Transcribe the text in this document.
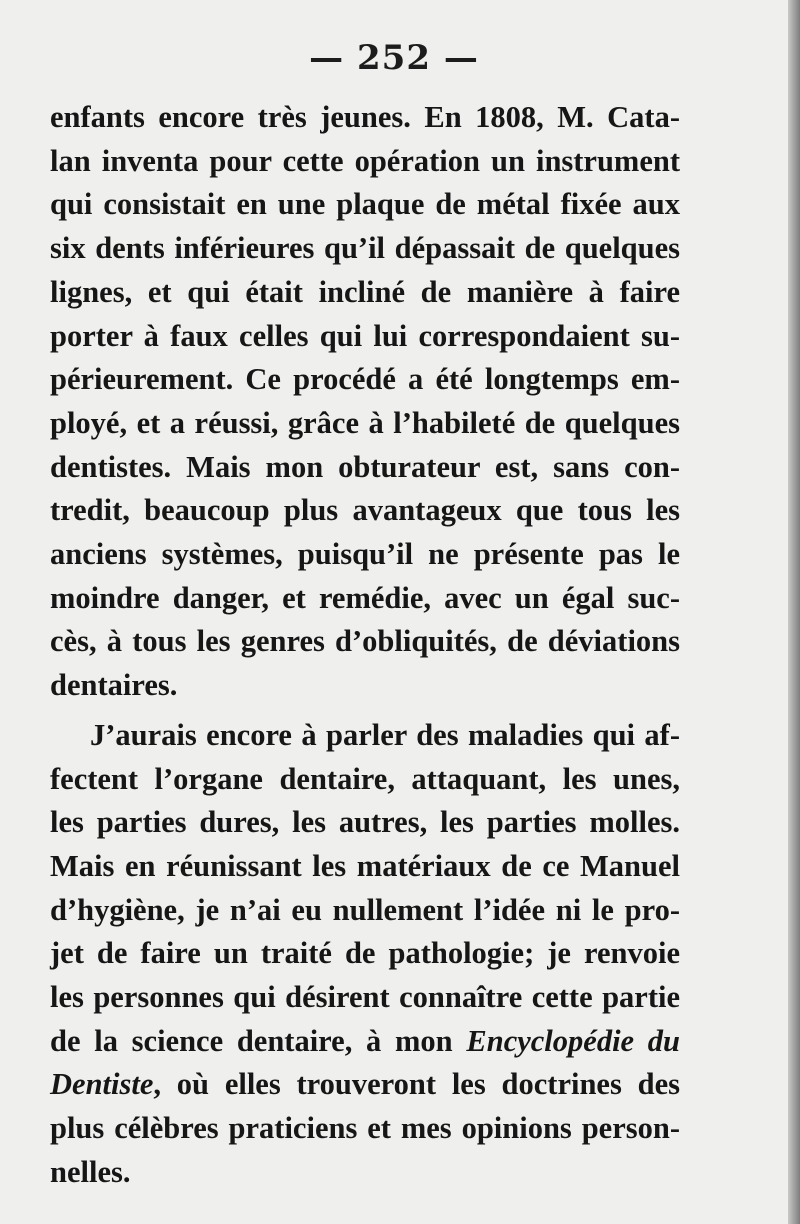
— 252 —

enfants encore très jeunes. En 1808, M. Cata-
lan inventa pour cette opération un instrument
qui consistait en une plaque de métal fixée aux
six dents inférieures qu’il dépassait de quelques
lignes, et qui était incliné de manière à faire
porter à faux celles qui lui correspondaient su-
périeurement. Ce procédé a été longtemps em-
ployé, et a réussi, grâce à l’habileté de quelques
dentistes. Mais mon obturateur est, sans con-
tredit, beaucoup plus avantageux que tous les
anciens systèmes, puisqu’il ne présente pas le
moindre danger, et remédie, avec un égal suc-
cès, à tous les genres d’obliquités, de déviations
dentaires.

J’aurais encore à parler des maladies qui af-
fectent l’organe dentaire, attaquant, les unes,
les parties dures, les autres, les parties molles.
Mais en réunissant les matériaux de ce Manuel
d’hygiène, je n’ai eu nullement l’idée ni le pro-
jet de faire un traité de pathologie; je renvoie
les personnes qui désirent connaître cette partie
de la science dentaire, à mon Encyclopédie du
Dentiste, où elles trouveront les doctrines des
plus célèbres praticiens et mes opinions person-
nelles.
